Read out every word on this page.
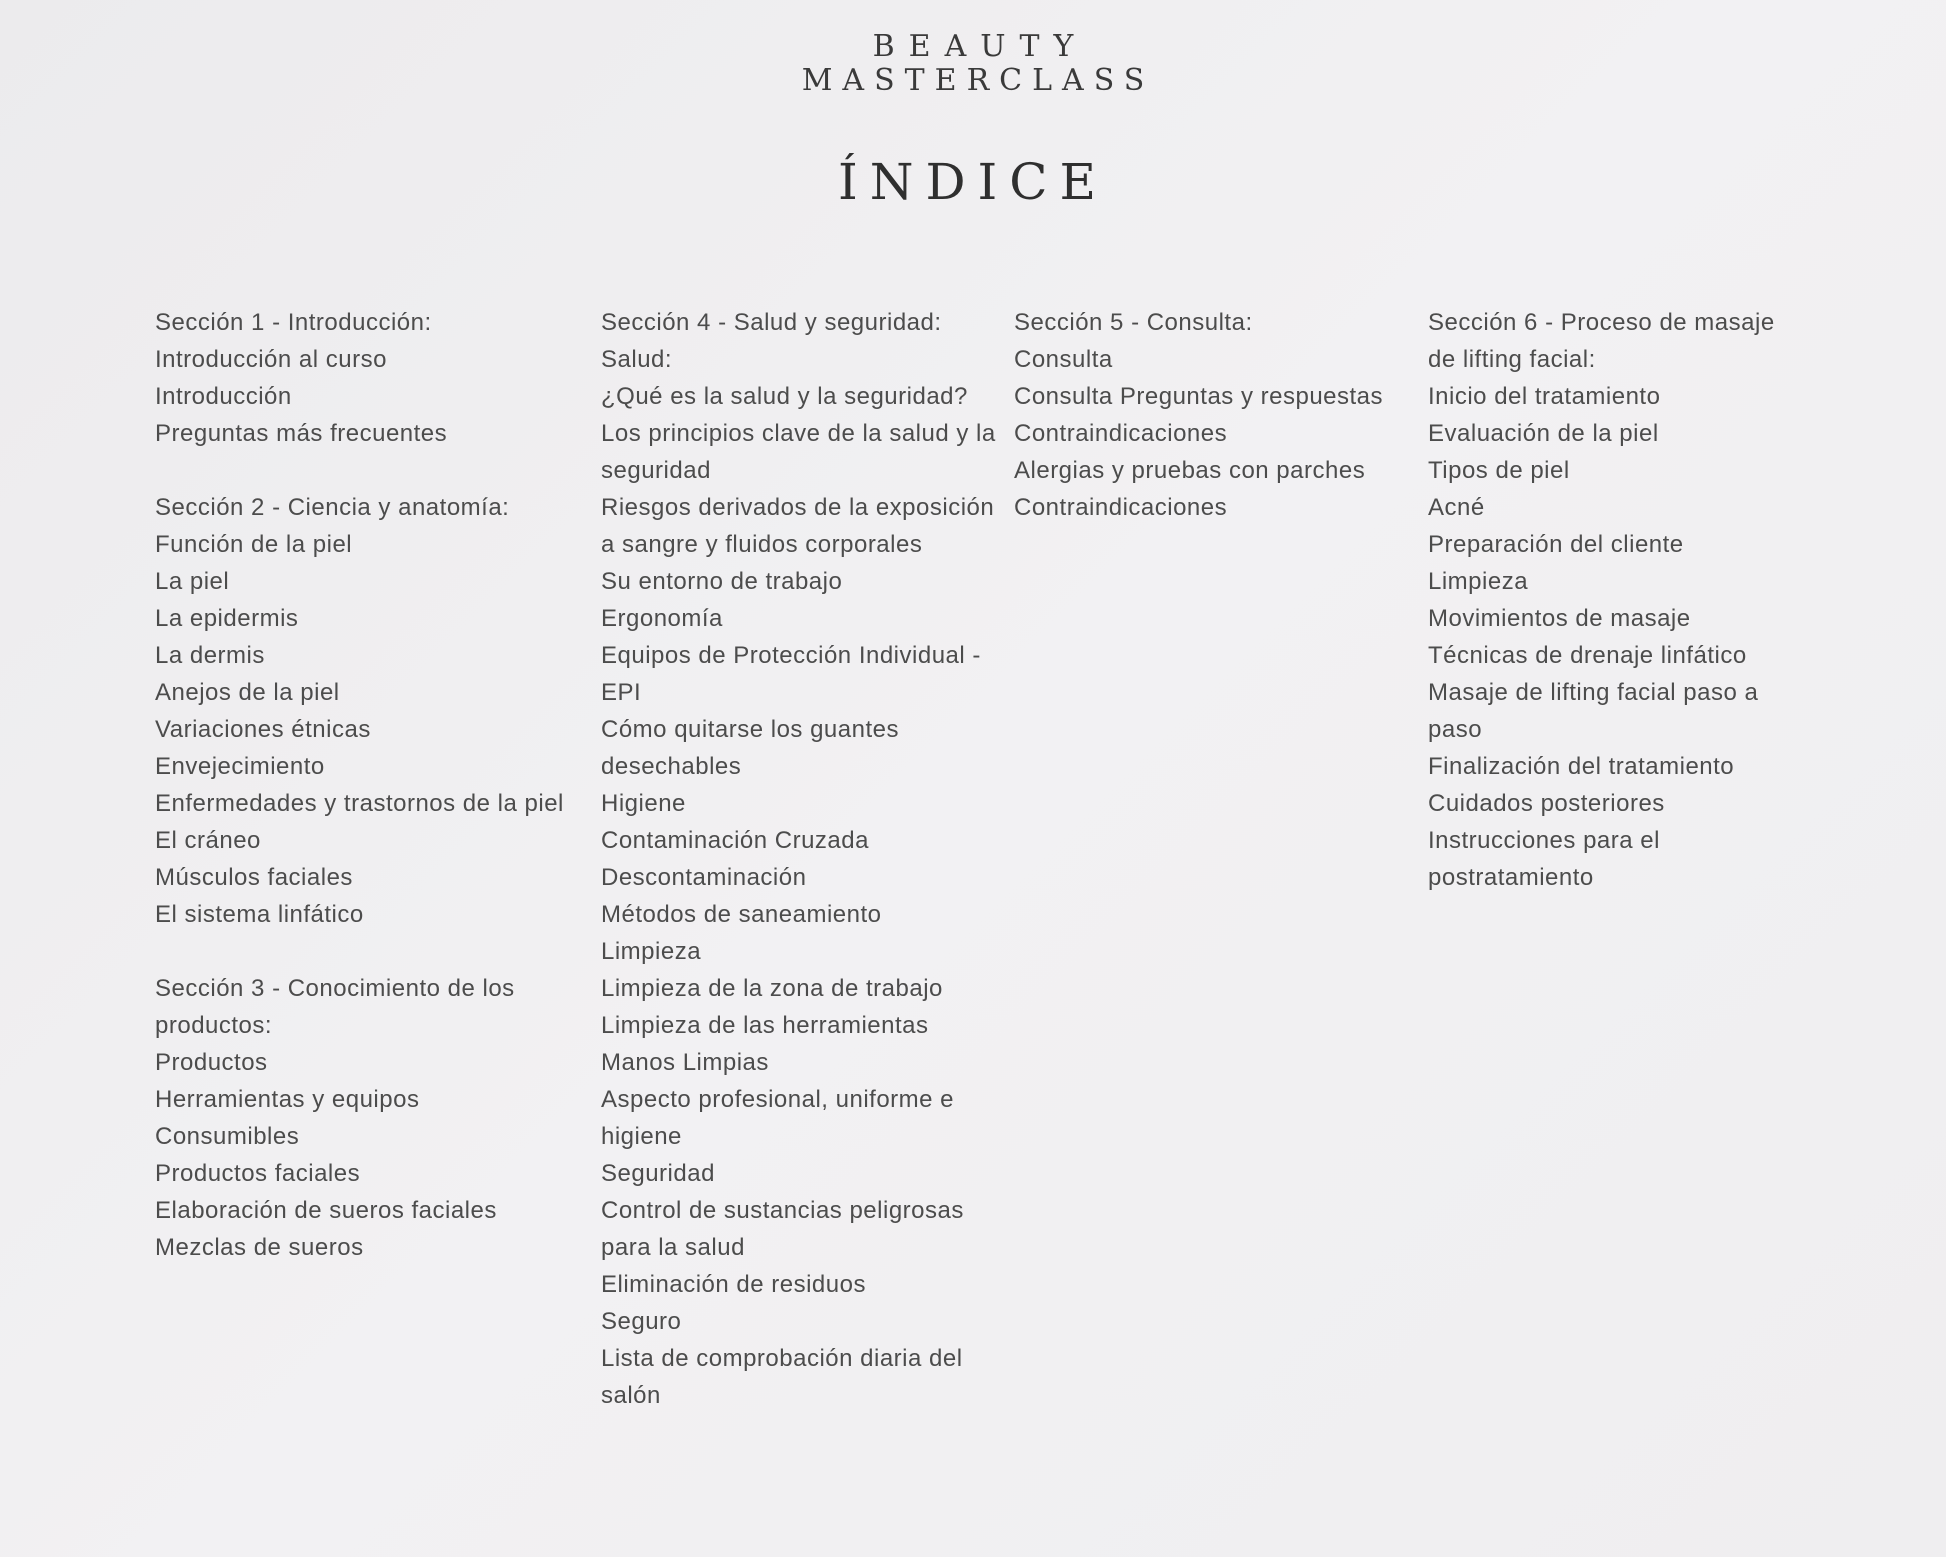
BEAUTY
MASTERCLASS
ÍNDICE
Sección 1 - Introducción:
Introducción al curso
Introducción
Preguntas más frecuentes
Sección 2 - Ciencia y anatomía:
Función de la piel
La piel
La epidermis
La dermis
Anejos de la piel
Variaciones étnicas
Envejecimiento
Enfermedades y trastornos de la piel
El cráneo
Músculos faciales
El sistema linfático
Sección 3 - Conocimiento de los
productos:
Productos
Herramientas y equipos
Consumibles
Productos faciales
Elaboración de sueros faciales
Mezclas de sueros
Sección 4 - Salud y seguridad:
Salud:
¿Qué es la salud y la seguridad?
Los principios clave de la salud y la
seguridad
Riesgos derivados de la exposición
a sangre y fluidos corporales
Su entorno de trabajo
Ergonomía
Equipos de Protección Individual -
EPI
Cómo quitarse los guantes
desechables
Higiene
Contaminación Cruzada
Descontaminación
Métodos de saneamiento
Limpieza
Limpieza de la zona de trabajo
Limpieza de las herramientas
Manos Limpias
Aspecto profesional, uniforme e
higiene
Seguridad
Control de sustancias peligrosas
para la salud
Eliminación de residuos
Seguro
Lista de comprobación diaria del
salón
Sección 5 - Consulta:
Consulta
Consulta Preguntas y respuestas
Contraindicaciones
Alergias y pruebas con parches
Contraindicaciones
Sección 6 - Proceso de masaje
de lifting facial:
Inicio del tratamiento
Evaluación de la piel
Tipos de piel
Acné
Preparación del cliente
Limpieza
Movimientos de masaje
Técnicas de drenaje linfático
Masaje de lifting facial paso a
paso
Finalización del tratamiento
Cuidados posteriores
Instrucciones para el
postratamiento
